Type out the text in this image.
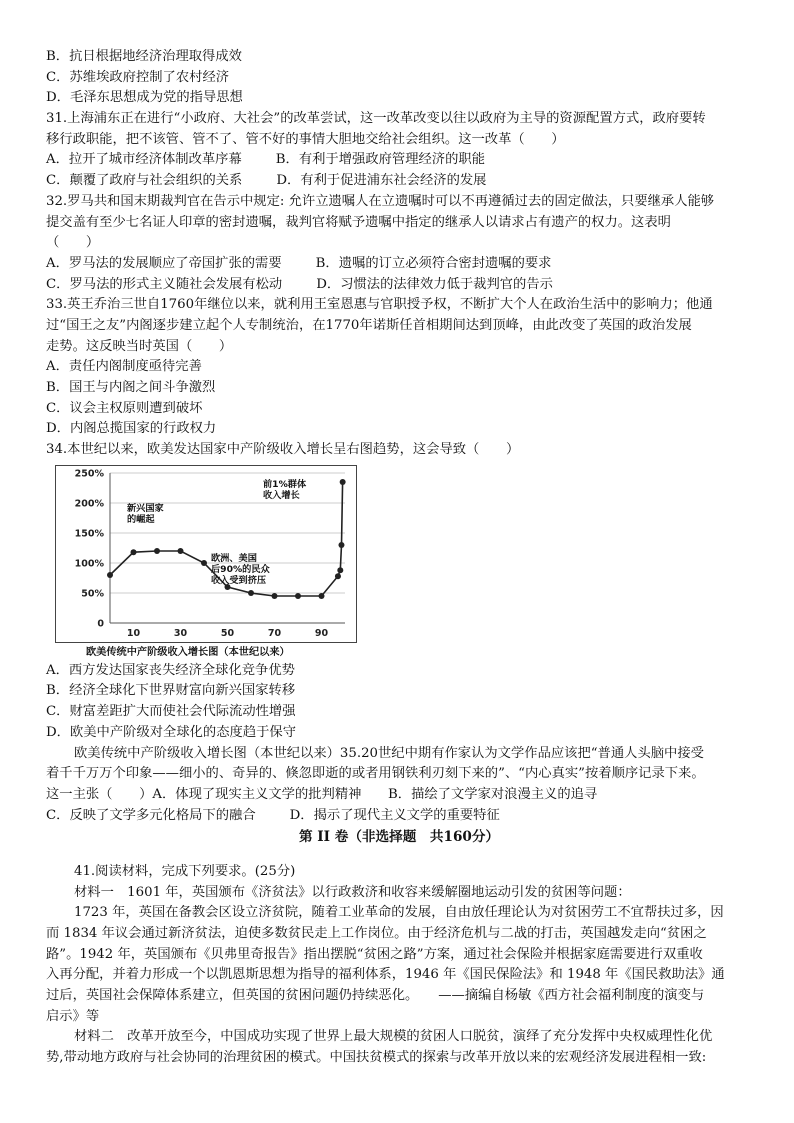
B．抗日根据地经济治理取得成效
C．苏维埃政府控制了农村经济
D．毛泽东思想成为党的指导思想
31.上海浦东正在进行“小政府、大社会”的改革尝试，这一改革改变以往以政府为主导的资源配置方式，政府要转
移行政职能，把不该管、管不了、管不好的事情大胆地交给社会组织。这一改革（　　）
A．拉开了城市经济体制改革序幕	B．有利于增强政府管理经济的职能
C．颠覆了政府与社会组织的关系	D．有利于促进浦东社会经济的发展
32.罗马共和国末期裁判官在告示中规定: 允许立遗嘱人在立遗嘱时可以不再遵循过去的固定做法，只要继承人能够
提交盖有至少七名证人印章的密封遗嘱，裁判官将赋予遗嘱中指定的继承人以请求占有遗产的权力。这表明
（　　）
A．罗马法的发展顺应了帝国扩张的需要	B．遗嘱的订立必须符合密封遗嘱的要求
C．罗马法的形式主义随社会发展有松动	D．习惯法的法律效力低于裁判官的告示
33.英王乔治三世自1760年继位以来，就利用王室恩惠与官职授予权，不断扩大个人在政治生活中的影响力；他通
过“国王之友”内阁逐步建立起个人专制统治，在1770年诺斯任首相期间达到顶峰，由此改变了英国的政治发展
走势。这反映当时英国（　　）
A．责任内阁制度亟待完善
B．国王与内阁之间斗争激烈
C．议会主权原则遭到破坏
D．内阁总揽国家的行政权力
34.本世纪以来，欧美发达国家中产阶级收入增长呈右图趋势，这会导致（　　）
0
50%
100%
150%
200%
250%
10	30	50	70	90
新兴国家
的崛起
欧洲、美国
后90%的民众
收入受到挤压
前1%群体
收入增长
欧美传统中产阶级收入增长图（本世纪以来）
A．西方发达国家丧失经济全球化竞争优势
B．经济全球化下世界财富向新兴国家转移
C．财富差距扩大而使社会代际流动性增强
D．欧美中产阶级对全球化的态度趋于保守
欧美传统中产阶级收入增长图（本世纪以来）35.20世纪中期有作家认为文学作品应该把“普通人头脑中接受
着千千万万个印象——细小的、奇异的、倏忽即逝的或者用钢铁利刃刻下来的”、“内心真实”按着顺序记录下来。
这一主张（　　）A．体现了现实主义文学的批判精神　　B．描绘了文学家对浪漫主义的追寻
C．反映了文学多元化格局下的融合	D．揭示了现代主义文学的重要特征
第 II 卷（非选择题　共160分）
41.阅读材料，完成下列要求。(25分)
材料一　1601 年，英国颁布《济贫法》以行政救济和收容来缓解圈地运动引发的贫困等问题：
1723 年，英国在备教会区设立济贫院，随着工业革命的发展，自由放任理论认为对贫困劳工不宜帮扶过多，因
而 1834 年议会通过新济贫法，迫使多数贫民走上工作岗位。由于经济危机与二战的打击，英国越发走向“贫困之
路”。1942 年，英国颁布《贝弗里奇报告》指出摆脱“贫困之路”方案，通过社会保险并根据家庭需要进行双重收
入再分配，并着力形成一个以凯恩斯思想为指导的福利体系，1946 年《国民保险法》和 1948 年《国民救助法》通
过后，英国社会保障体系建立，但英国的贫困问题仍持续恶化。　　——摘编自杨敏《西方社会福利制度的演变与
启示》等
材料二　改革开放至今，中国成功实现了世界上最大规模的贫困人口脱贫，演绎了充分发挥中央权威理性化优
势,带动地方政府与社会协同的治理贫困的模式。中国扶贫模式的探索与改革开放以来的宏观经济发展进程相一致:
